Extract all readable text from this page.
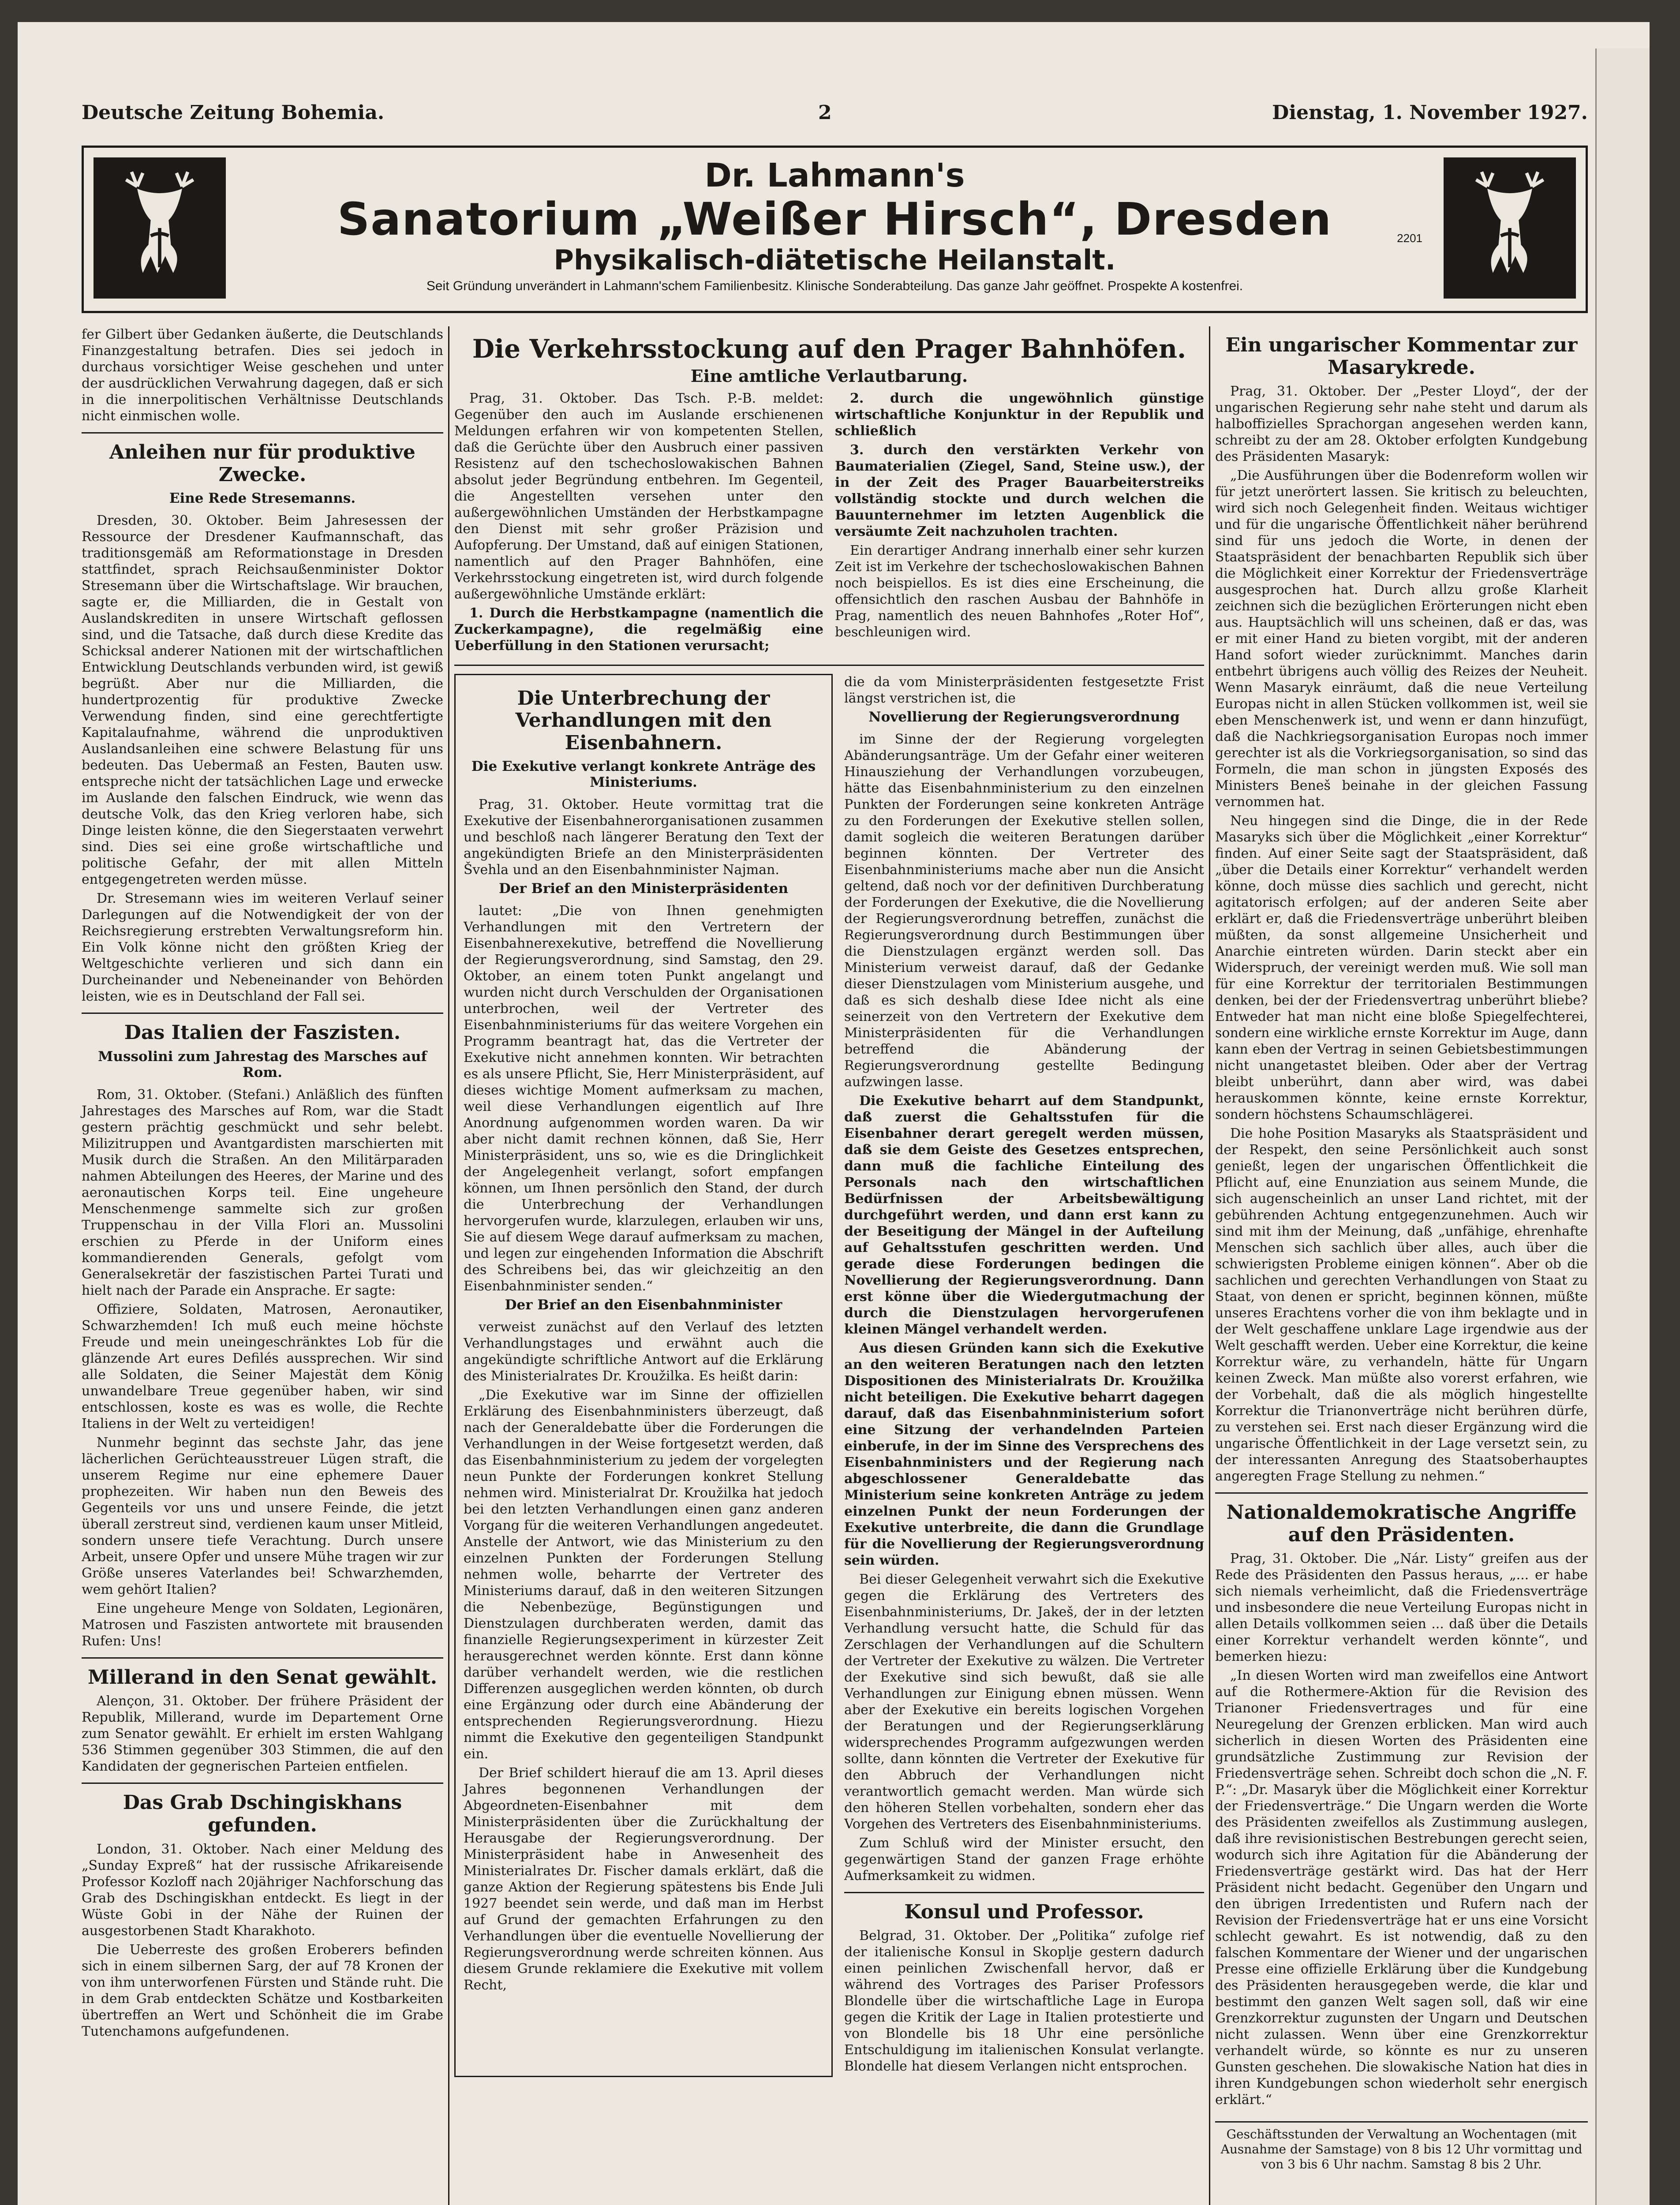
Deutsche Zeitung Bohemia.	2	Dienstag, 1. November 1927.
Dr. Lahmann's
Sanatorium „Weißer Hirsch“, Dresden
Physikalisch-diätetische Heilanstalt.
Seit Gründung unverändert in Lahmann'schem Familienbesitz. Klinische Sonderabteilung. Das ganze Jahr geöffnet. Prospekte A kostenfrei.
2201

fer Gilbert über Gedanken äußerte, die Deutschlands Finanzgestaltung betrafen. Dies sei jedoch in durchaus vorsichtiger Weise geschehen und unter der ausdrücklichen Verwahrung dagegen, daß er sich in die innerpolitischen Verhältnisse Deutschlands nicht einmischen wolle.

Anleihen nur für produktive Zwecke.
Eine Rede Stresemanns.

Dresden, 30. Oktober. Beim Jahresessen der Ressource der Dresdener Kaufmannschaft, das traditionsgemäß am Reformationstage in Dresden stattfindet, sprach Reichsaußenminister Doktor Stresemann über die Wirtschaftslage. Wir brauchen, sagte er, die Milliarden, die in Gestalt von Auslandskrediten in unsere Wirtschaft geflossen sind, und die Tatsache, daß durch diese Kredite das Schicksal anderer Nationen mit der wirtschaftlichen Entwicklung Deutschlands verbunden wird, ist gewiß begrüßt. Aber nur die Milliarden, die hundertprozentig für produktive Zwecke Verwendung finden, sind eine gerechtfertigte Kapitalaufnahme, während die unproduktiven Auslandsanleihen eine schwere Belastung für uns bedeuten. Das Uebermaß an Festen, Bauten usw. entspreche nicht der tatsächlichen Lage und erwecke im Auslande den falschen Eindruck, wie wenn das deutsche Volk, das den Krieg verloren habe, sich Dinge leisten könne, die den Siegerstaaten verwehrt sind. Dies sei eine große wirtschaftliche und politische Gefahr, der mit allen Mitteln entgegengetreten werden müsse.

Dr. Stresemann wies im weiteren Verlauf seiner Darlegungen auf die Notwendigkeit der von der Reichsregierung erstrebten Verwaltungsreform hin. Ein Volk könne nicht den größten Krieg der Weltgeschichte verlieren und sich dann ein Durcheinander und Nebeneinander von Behörden leisten, wie es in Deutschland der Fall sei.

Das Italien der Faszisten.
Mussolini zum Jahrestag des Marsches auf Rom.

Rom, 31. Oktober. (Stefani.) Anläßlich des fünften Jahrestages des Marsches auf Rom, war die Stadt gestern prächtig geschmückt und sehr belebt. Milizitruppen und Avantgardisten marschierten mit Musik durch die Straßen. An den Militärparaden nahmen Abteilungen des Heeres, der Marine und des aeronautischen Korps teil. Eine ungeheure Menschenmenge sammelte sich zur großen Truppenschau in der Villa Flori an. Mussolini erschien zu Pferde in der Uniform eines kommandierenden Generals, gefolgt vom Generalsekretär der faszistischen Partei Turati und hielt nach der Parade ein Ansprache. Er sagte:

Offiziere, Soldaten, Matrosen, Aeronautiker, Schwarzhemden! Ich muß euch meine höchste Freude und mein uneingeschränktes Lob für die glänzende Art eures Defilés aussprechen. Wir sind alle Soldaten, die Seiner Majestät dem König unwandelbare Treue gegenüber haben, wir sind entschlossen, koste es was es wolle, die Rechte Italiens in der Welt zu verteidigen!

Nunmehr beginnt das sechste Jahr, das jene lächerlichen Gerüchteausstreuer Lügen straft, die unserem Regime nur eine ephemere Dauer prophezeiten. Wir haben nun den Beweis des Gegenteils vor uns und unsere Feinde, die jetzt überall zerstreut sind, verdienen kaum unser Mitleid, sondern unsere tiefe Verachtung. Durch unsere Arbeit, unsere Opfer und unsere Mühe tragen wir zur Größe unseres Vaterlandes bei! Schwarzhemden, wem gehört Italien?

Eine ungeheure Menge von Soldaten, Legionären, Matrosen und Faszisten antwortete mit brausenden Rufen: Uns!

Millerand in den Senat gewählt.

Alençon, 31. Oktober. Der frühere Präsident der Republik, Millerand, wurde im Departement Orne zum Senator gewählt. Er erhielt im ersten Wahlgang 536 Stimmen gegenüber 303 Stimmen, die auf den Kandidaten der gegnerischen Parteien entfielen.

Das Grab Dschingiskhans gefunden.

London, 31. Oktober. Nach einer Meldung des „Sunday Expreß“ hat der russische Afrikareisende Professor Kozloff nach 20jähriger Nachforschung das Grab des Dschingiskhan entdeckt. Es liegt in der Wüste Gobi in der Nähe der Ruinen der ausgestorbenen Stadt Kharakhoto.

Die Ueberreste des großen Eroberers befinden sich in einem silbernen Sarg, der auf 78 Kronen der von ihm unterworfenen Fürsten und Stände ruht. Die in dem Grab entdeckten Schätze und Kostbarkeiten übertreffen an Wert und Schönheit die im Grabe Tutenchamons aufgefundenen.

Die Verkehrsstockung auf den Prager Bahnhöfen.
Eine amtliche Verlautbarung.

Prag, 31. Oktober. Das Tsch. P.-B. meldet: Gegenüber den auch im Auslande erschienenen Meldungen erfahren wir von kompetenten Stellen, daß die Gerüchte über den Ausbruch einer passiven Resistenz auf den tschechoslowakischen Bahnen absolut jeder Begründung entbehren. Im Gegenteil, die Angestellten versehen unter den außergewöhnlichen Umständen der Herbstkampagne den Dienst mit sehr großer Präzision und Aufopferung. Der Umstand, daß auf einigen Stationen, namentlich auf den Prager Bahnhöfen, eine Verkehrsstockung eingetreten ist, wird durch folgende außergewöhnliche Umstände erklärt:

1. Durch die Herbstkampagne (namentlich die Zuckerkampagne), die regelmäßig eine Ueberfüllung in den Stationen verursacht;

2. durch die ungewöhnlich günstige wirtschaftliche Konjunktur in der Republik und schließlich

3. durch den verstärkten Verkehr von Baumaterialien (Ziegel, Sand, Steine usw.), der in der Zeit des Prager Bauarbeiterstreiks vollständig stockte und durch welchen die Bauunternehmer im letzten Augenblick die versäumte Zeit nachzuholen trachten.

Ein derartiger Andrang innerhalb einer sehr kurzen Zeit ist im Verkehre der tschechoslowakischen Bahnen noch beispiellos. Es ist dies eine Erscheinung, die offensichtlich den raschen Ausbau der Bahnhöfe in Prag, namentlich des neuen Bahnhofes „Roter Hof“, beschleunigen wird.

Die Unterbrechung der Verhandlungen mit den Eisenbahnern.
Die Exekutive verlangt konkrete Anträge des Ministeriums.

Prag, 31. Oktober. Heute vormittag trat die Exekutive der Eisenbahnerorganisationen zusammen und beschloß nach längerer Beratung den Text der angekündigten Briefe an den Ministerpräsidenten Švehla und an den Eisenbahnminister Najman.

Der Brief an den Ministerpräsidenten

lautet: „Die von Ihnen genehmigten Verhandlungen mit den Vertretern der Eisenbahnerexekutive, betreffend die Novellierung der Regierungsverordnung, sind Samstag, den 29. Oktober, an einem toten Punkt angelangt und wurden nicht durch Verschulden der Organisationen unterbrochen, weil der Vertreter des Eisenbahnministeriums für das weitere Vorgehen ein Programm beantragt hat, das die Vertreter der Exekutive nicht annehmen konnten. Wir betrachten es als unsere Pflicht, Sie, Herr Ministerpräsident, auf dieses wichtige Moment aufmerksam zu machen, weil diese Verhandlungen eigentlich auf Ihre Anordnung aufgenommen worden waren. Da wir aber nicht damit rechnen können, daß Sie, Herr Ministerpräsident, uns so, wie es die Dringlichkeit der Angelegenheit verlangt, sofort empfangen können, um Ihnen persönlich den Stand, der durch die Unterbrechung der Verhandlungen hervorgerufen wurde, klarzulegen, erlauben wir uns, Sie auf diesem Wege darauf aufmerksam zu machen, und legen zur eingehenden Information die Abschrift des Schreibens bei, das wir gleichzeitig an den Eisenbahnminister senden.“

Der Brief an den Eisenbahnminister

verweist zunächst auf den Verlauf des letzten Verhandlungstages und erwähnt auch die angekündigte schriftliche Antwort auf die Erklärung des Ministerialrates Dr. Kroužilka. Es heißt darin:

„Die Exekutive war im Sinne der offiziellen Erklärung des Eisenbahnministers überzeugt, daß nach der Generaldebatte über die Forderungen die Verhandlungen in der Weise fortgesetzt werden, daß das Eisenbahnministerium zu jedem der vorgelegten neun Punkte der Forderungen konkret Stellung nehmen wird. Ministerialrat Dr. Kroužilka hat jedoch bei den letzten Verhandlungen einen ganz anderen Vorgang für die weiteren Verhandlungen angedeutet. Anstelle der Antwort, wie das Ministerium zu den einzelnen Punkten der Forderungen Stellung nehmen wolle, beharrte der Vertreter des Ministeriums darauf, daß in den weiteren Sitzungen die Nebenbezüge, Begünstigungen und Dienstzulagen durchberaten werden, damit das finanzielle Regierungsexperiment in kürzester Zeit herausgerechnet werden könnte. Erst dann könne darüber verhandelt werden, wie die restlichen Differenzen ausgeglichen werden könnten, ob durch eine Ergänzung oder durch eine Abänderung der entsprechenden Regierungsverordnung. Hiezu nimmt die Exekutive den gegenteiligen Standpunkt ein.

Der Brief schildert hierauf die am 13. April dieses Jahres begonnenen Verhandlungen der Abgeordneten-Eisenbahner mit dem Ministerpräsidenten über die Zurückhaltung der Herausgabe der Regierungsverordnung. Der Ministerpräsident habe in Anwesenheit des Ministerialrates Dr. Fischer damals erklärt, daß die ganze Aktion der Regierung spätestens bis Ende Juli 1927 beendet sein werde, und daß man im Herbst auf Grund der gemachten Erfahrungen zu den Verhandlungen über die eventuelle Novellierung der Regierungsverordnung werde schreiten können. Aus diesem Grunde reklamiere die Exekutive mit vollem Recht,

die da vom Ministerpräsidenten festgesetzte Frist längst verstrichen ist, die

Novellierung der Regierungsverordnung

im Sinne der der Regierung vorgelegten Abänderungsanträge. Um der Gefahr einer weiteren Hinausziehung der Verhandlungen vorzubeugen, hätte das Eisenbahnministerium zu den einzelnen Punkten der Forderungen seine konkreten Anträge zu den Forderungen der Exekutive stellen sollen, damit sogleich die weiteren Beratungen darüber beginnen könnten. Der Vertreter des Eisenbahnministeriums mache aber nun die Ansicht geltend, daß noch vor der definitiven Durchberatung der Forderungen der Exekutive, die die Novellierung der Regierungsverordnung betreffen, zunächst die Regierungsverordnung durch Bestimmungen über die Dienstzulagen ergänzt werden soll. Das Ministerium verweist darauf, daß der Gedanke dieser Dienstzulagen vom Ministerium ausgehe, und daß es sich deshalb diese Idee nicht als eine seinerzeit von den Vertretern der Exekutive dem Ministerpräsidenten für die Verhandlungen betreffend die Abänderung der Regierungsverordnung gestellte Bedingung aufzwingen lasse.

Die Exekutive beharrt auf dem Standpunkt, daß zuerst die Gehaltsstufen für die Eisenbahner derart geregelt werden müssen, daß sie dem Geiste des Gesetzes entsprechen, dann muß die fachliche Einteilung des Personals nach den wirtschaftlichen Bedürfnissen der Arbeitsbewältigung durchgeführt werden, und dann erst kann zu der Beseitigung der Mängel in der Aufteilung auf Gehaltsstufen geschritten werden. Und gerade diese Forderungen bedingen die Novellierung der Regierungsverordnung. Dann erst könne über die Wiedergutmachung der durch die Dienstzulagen hervorgerufenen kleinen Mängel verhandelt werden.

Aus diesen Gründen kann sich die Exekutive an den weiteren Beratungen nach den letzten Dispositionen des Ministerialrats Dr. Kroužilka nicht beteiligen. Die Exekutive beharrt dagegen darauf, daß das Eisenbahnministerium sofort eine Sitzung der verhandelnden Parteien einberufe, in der im Sinne des Versprechens des Eisenbahnministers und der Regierung nach abgeschlossener Generaldebatte das Ministerium seine konkreten Anträge zu jedem einzelnen Punkt der neun Forderungen der Exekutive unterbreite, die dann die Grundlage für die Novellierung der Regierungsverordnung sein würden.

Bei dieser Gelegenheit verwahrt sich die Exekutive gegen die Erklärung des Vertreters des Eisenbahnministeriums, Dr. Jakeš, der in der letzten Verhandlung versucht hatte, die Schuld für das Zerschlagen der Verhandlungen auf die Schultern der Vertreter der Exekutive zu wälzen. Die Vertreter der Exekutive sind sich bewußt, daß sie alle Verhandlungen zur Einigung ebnen müssen. Wenn aber der Exekutive ein bereits logischen Vorgehen der Beratungen und der Regierungserklärung widersprechendes Programm aufgezwungen werden sollte, dann könnten die Vertreter der Exekutive für den Abbruch der Verhandlungen nicht verantwortlich gemacht werden. Man würde sich den höheren Stellen vorbehalten, sondern eher das Vorgehen des Vertreters des Eisenbahnministeriums.

Zum Schluß wird der Minister ersucht, den gegenwärtigen Stand der ganzen Frage erhöhte Aufmerksamkeit zu widmen.

Konsul und Professor.

Belgrad, 31. Oktober. Der „Politika“ zufolge rief der italienische Konsul in Skoplje gestern dadurch einen peinlichen Zwischenfall hervor, daß er während des Vortrages des Pariser Professors Blondelle über die wirtschaftliche Lage in Europa gegen die Kritik der Lage in Italien protestierte und von Blondelle bis 18 Uhr eine persönliche Entschuldigung im italienischen Konsulat verlangte. Blondelle hat diesem Verlangen nicht entsprochen.

Ein ungarischer Kommentar zur Masarykrede.

Prag, 31. Oktober. Der „Pester Lloyd“, der der ungarischen Regierung sehr nahe steht und darum als halboffizielles Sprachorgan angesehen werden kann, schreibt zu der am 28. Oktober erfolgten Kundgebung des Präsidenten Masaryk:

„Die Ausführungen über die Bodenreform wollen wir für jetzt unerörtert lassen. Sie kritisch zu beleuchten, wird sich noch Gelegenheit finden. Weitaus wichtiger und für die ungarische Öffentlichkeit näher berührend sind für uns jedoch die Worte, in denen der Staatspräsident der benachbarten Republik sich über die Möglichkeit einer Korrektur der Friedensverträge ausgesprochen hat. Durch allzu große Klarheit zeichnen sich die bezüglichen Erörterungen nicht eben aus. Hauptsächlich will uns scheinen, daß er das, was er mit einer Hand zu bieten vorgibt, mit der anderen Hand sofort wieder zurücknimmt. Manches darin entbehrt übrigens auch völlig des Reizes der Neuheit. Wenn Masaryk einräumt, daß die neue Verteilung Europas nicht in allen Stücken vollkommen ist, weil sie eben Menschenwerk ist, und wenn er dann hinzufügt, daß die Nachkriegsorganisation Europas noch immer gerechter ist als die Vorkriegsorganisation, so sind das Formeln, die man schon in jüngsten Exposés des Ministers Beneš beinahe in der gleichen Fassung vernommen hat.

Neu hingegen sind die Dinge, die in der Rede Masaryks sich über die Möglichkeit „einer Korrektur“ finden. Auf einer Seite sagt der Staatspräsident, daß „über die Details einer Korrektur“ verhandelt werden könne, doch müsse dies sachlich und gerecht, nicht agitatorisch erfolgen; auf der anderen Seite aber erklärt er, daß die Friedensverträge unberührt bleiben müßten, da sonst allgemeine Unsicherheit und Anarchie eintreten würden. Darin steckt aber ein Widerspruch, der vereinigt werden muß. Wie soll man für eine Korrektur der territorialen Bestimmungen denken, bei der der Friedensvertrag unberührt bliebe? Entweder hat man nicht eine bloße Spiegelfechterei, sondern eine wirkliche ernste Korrektur im Auge, dann kann eben der Vertrag in seinen Gebietsbestimmungen nicht unangetastet bleiben. Oder aber der Vertrag bleibt unberührt, dann aber wird, was dabei herauskommen könnte, keine ernste Korrektur, sondern höchstens Schaumschlägerei.

Die hohe Position Masaryks als Staatspräsident und der Respekt, den seine Persönlichkeit auch sonst genießt, legen der ungarischen Öffentlichkeit die Pflicht auf, eine Enunziation aus seinem Munde, die sich augenscheinlich an unser Land richtet, mit der gebührenden Achtung entgegenzunehmen. Auch wir sind mit ihm der Meinung, daß „unfähige, ehrenhafte Menschen sich sachlich über alles, auch über die schwierigsten Probleme einigen können“. Aber ob die sachlichen und gerechten Verhandlungen von Staat zu Staat, von denen er spricht, beginnen können, müßte unseres Erachtens vorher die von ihm beklagte und in der Welt geschaffene unklare Lage irgendwie aus der Welt geschafft werden. Ueber eine Korrektur, die keine Korrektur wäre, zu verhandeln, hätte für Ungarn keinen Zweck. Man müßte also vorerst erfahren, wie der Vorbehalt, daß die als möglich hingestellte Korrektur die Trianonverträge nicht berühren dürfe, zu verstehen sei. Erst nach dieser Ergänzung wird die ungarische Öffentlichkeit in der Lage versetzt sein, zu der interessanten Anregung des Staatsoberhauptes angeregten Frage Stellung zu nehmen.“

Nationaldemokratische Angriffe auf den Präsidenten.

Prag, 31. Oktober. Die „Nár. Listy“ greifen aus der Rede des Präsidenten den Passus heraus, „... er habe sich niemals verheimlicht, daß die Friedensverträge und insbesondere die neue Verteilung Europas nicht in allen Details vollkommen seien ... daß über die Details einer Korrektur verhandelt werden könnte“, und bemerken hiezu:

„In diesen Worten wird man zweifellos eine Antwort auf die Rothermere-Aktion für die Revision des Trianoner Friedensvertrages und für eine Neuregelung der Grenzen erblicken. Man wird auch sicherlich in diesen Worten des Präsidenten eine grundsätzliche Zustimmung zur Revision der Friedensverträge sehen. Schreibt doch schon die „N. F. P.“: „Dr. Masaryk über die Möglichkeit einer Korrektur der Friedensverträge.“ Die Ungarn werden die Worte des Präsidenten zweifellos als Zustimmung auslegen, daß ihre revisionistischen Bestrebungen gerecht seien, wodurch sich ihre Agitation für die Abänderung der Friedensverträge gestärkt wird. Das hat der Herr Präsident nicht bedacht. Gegenüber den Ungarn und den übrigen Irredentisten und Rufern nach der Revision der Friedensverträge hat er uns eine Vorsicht schlecht gewahrt. Es ist notwendig, daß zu den falschen Kommentare der Wiener und der ungarischen Presse eine offizielle Erklärung über die Kundgebung des Präsidenten herausgegeben werde, die klar und bestimmt den ganzen Welt sagen soll, daß wir eine Grenzkorrektur zugunsten der Ungarn und Deutschen nicht zulassen. Wenn über eine Grenzkorrektur verhandelt würde, so könnte es nur zu unseren Gunsten geschehen. Die slowakische Nation hat dies in ihren Kundgebungen schon wiederholt sehr energisch erklärt.“

Geschäftsstunden der Verwaltung an Wochentagen (mit Ausnahme der Samstage) von 8 bis 12 Uhr vormittag und von 3 bis 6 Uhr nachm. Samstag 8 bis 2 Uhr.
